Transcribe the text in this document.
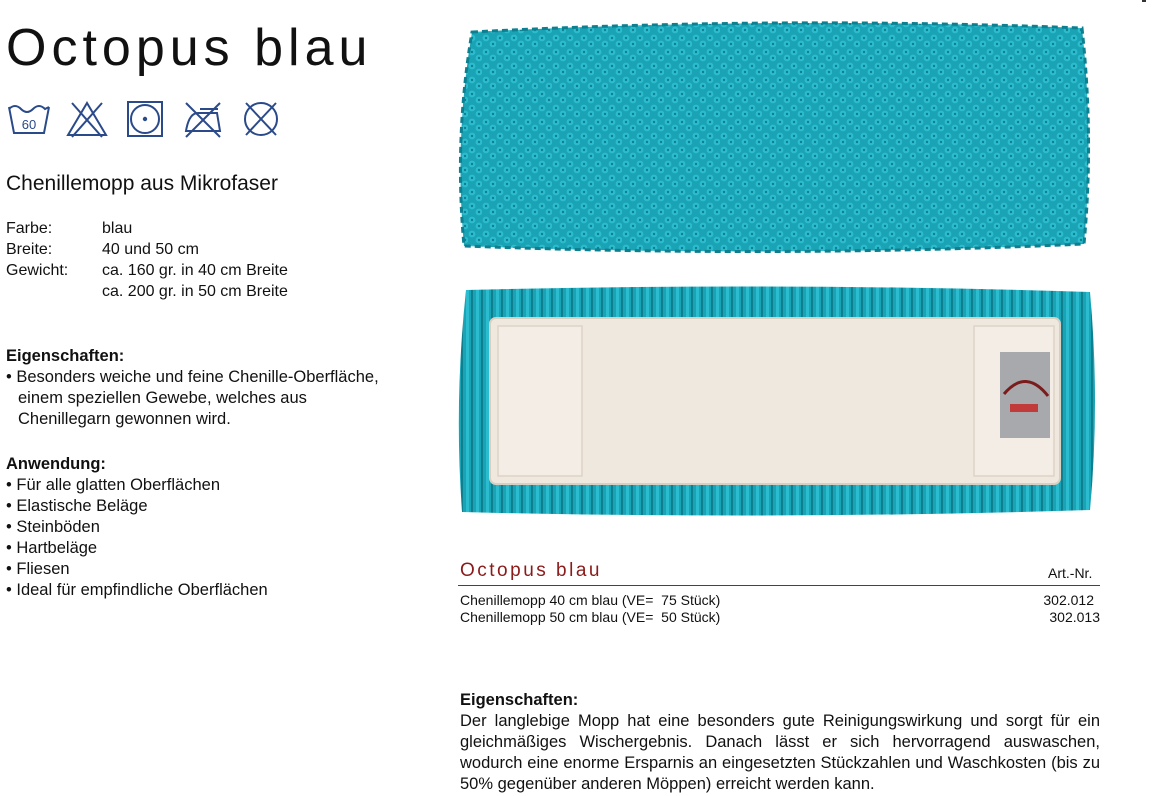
Octopus blau
60
Chenillemopp aus Mikrofaser
Farbe:	blau
Breite:	40 und 50 cm
Gewicht:	ca. 160 gr. in 40 cm Breite
ca. 200 gr. in 50 cm Breite
Eigenschaften:
• Besonders weiche und feine Chenille-Oberfläche, einem speziellen Gewebe, welches aus Chenillegarn gewonnen wird.
Anwendung:
• Für alle glatten Oberflächen
• Elastische Beläge
• Steinböden
• Hartbeläge
• Fliesen
• Ideal für empfindliche Oberflächen
Octopus blau	Art.-Nr.
Chenillemopp 40 cm blau (VE=  75 Stück)	302.012
Chenillemopp 50 cm blau (VE=  50 Stück)	302.013
Eigenschaften:

Der langlebige Mopp hat eine besonders gute Reinigungswirkung und sorgt für ein gleichmäßiges Wischergebnis. Danach lässt er sich hervorragend auswaschen, wodurch eine enorme Ersparnis an eingesetzten Stückzahlen und Waschkosten (bis zu 50% gegenüber anderen Möppen) erreicht werden kann.
